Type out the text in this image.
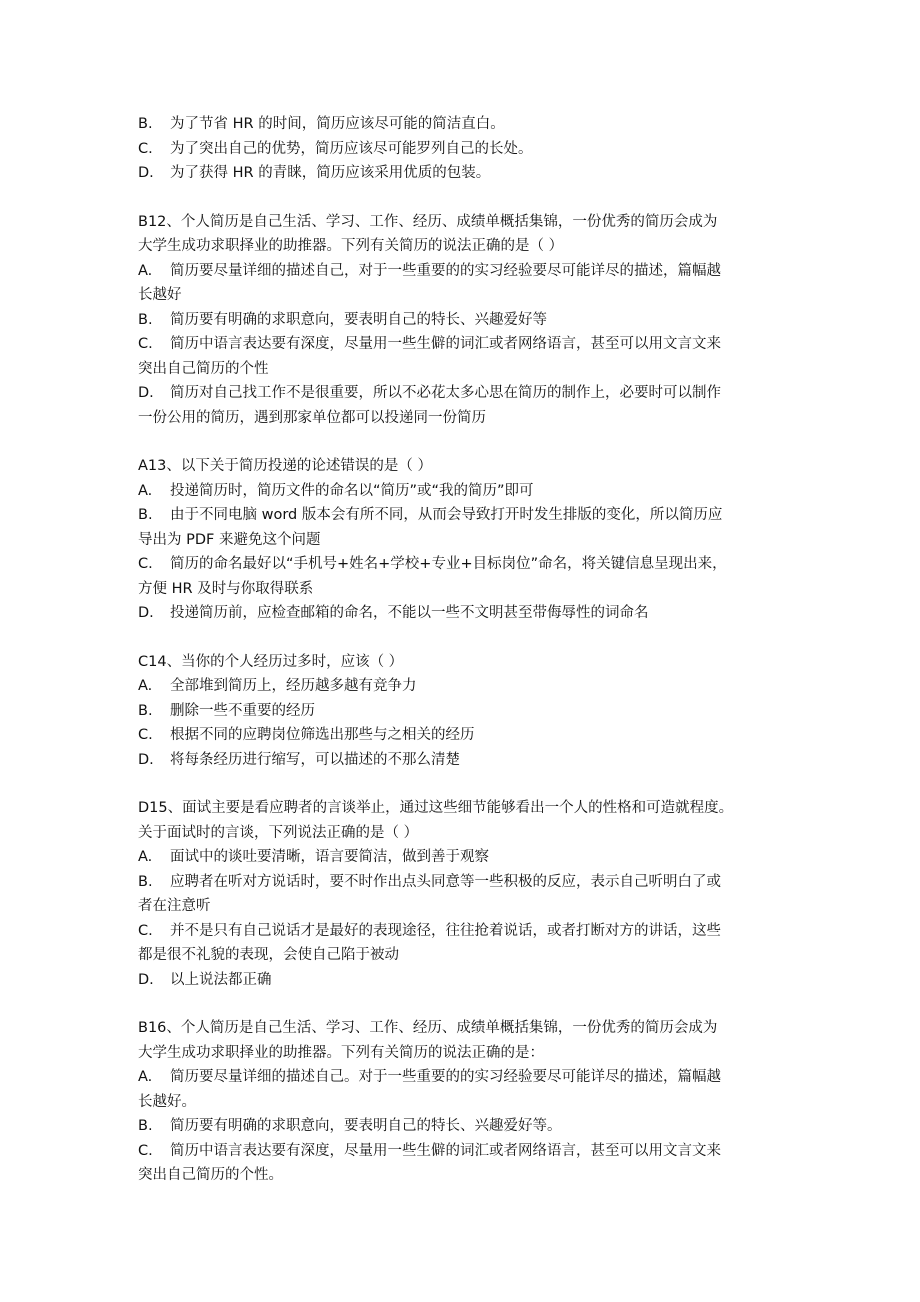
B.	为了节省 HR 的时间，简历应该尽可能的简洁直白。
C.	为了突出自己的优势，简历应该尽可能罗列自己的长处。
D.	为了获得 HR 的青睐，简历应该采用优质的包装。
B12、个人简历是自己生活、学习、工作、经历、成绩单概括集锦，一份优秀的简历会成为
大学生成功求职择业的助推器。下列有关简历的说法正确的是（ ）
A.	简历要尽量详细的描述自己，对于一些重要的的实习经验要尽可能详尽的描述，篇幅越
长越好
B.	简历要有明确的求职意向，要表明自己的特长、兴趣爱好等
C.	简历中语言表达要有深度，尽量用一些生僻的词汇或者网络语言，甚至可以用文言文来
突出自己简历的个性
D.	简历对自己找工作不是很重要，所以不必花太多心思在简历的制作上，必要时可以制作
一份公用的简历，遇到那家单位都可以投递同一份简历
A13、以下关于简历投递的论述错误的是（ ）
A.	投递简历时，简历文件的命名以“简历”或“我的简历”即可
B.	由于不同电脑 word 版本会有所不同，从而会导致打开时发生排版的变化，所以简历应
导出为 PDF 来避免这个问题
C.	简历的命名最好以“手机号+姓名+学校+专业+目标岗位”命名，将关键信息呈现出来，
方便 HR 及时与你取得联系
D.	投递简历前，应检查邮箱的命名，不能以一些不文明甚至带侮辱性的词命名
C14、当你的个人经历过多时，应该（ ）
A.	全部堆到简历上，经历越多越有竞争力
B.	删除一些不重要的经历
C.	根据不同的应聘岗位筛选出那些与之相关的经历
D.	将每条经历进行缩写，可以描述的不那么清楚
D15、面试主要是看应聘者的言谈举止，通过这些细节能够看出一个人的性格和可造就程度。
关于面试时的言谈，下列说法正确的是（ ）
A.	面试中的谈吐要清晰，语言要简洁，做到善于观察
B.	应聘者在听对方说话时，要不时作出点头同意等一些积极的反应，表示自己听明白了或
者在注意听
C.	并不是只有自己说话才是最好的表现途径，往往抢着说话，或者打断对方的讲话，这些
都是很不礼貌的表现，会使自己陷于被动
D.	以上说法都正确
B16、个人简历是自己生活、学习、工作、经历、成绩单概括集锦，一份优秀的简历会成为
大学生成功求职择业的助推器。下列有关简历的说法正确的是：
A.	简历要尽量详细的描述自己。对于一些重要的的实习经验要尽可能详尽的描述，篇幅越
长越好。
B.	简历要有明确的求职意向，要表明自己的特长、兴趣爱好等。
C.	简历中语言表达要有深度，尽量用一些生僻的词汇或者网络语言，甚至可以用文言文来
突出自己简历的个性。
